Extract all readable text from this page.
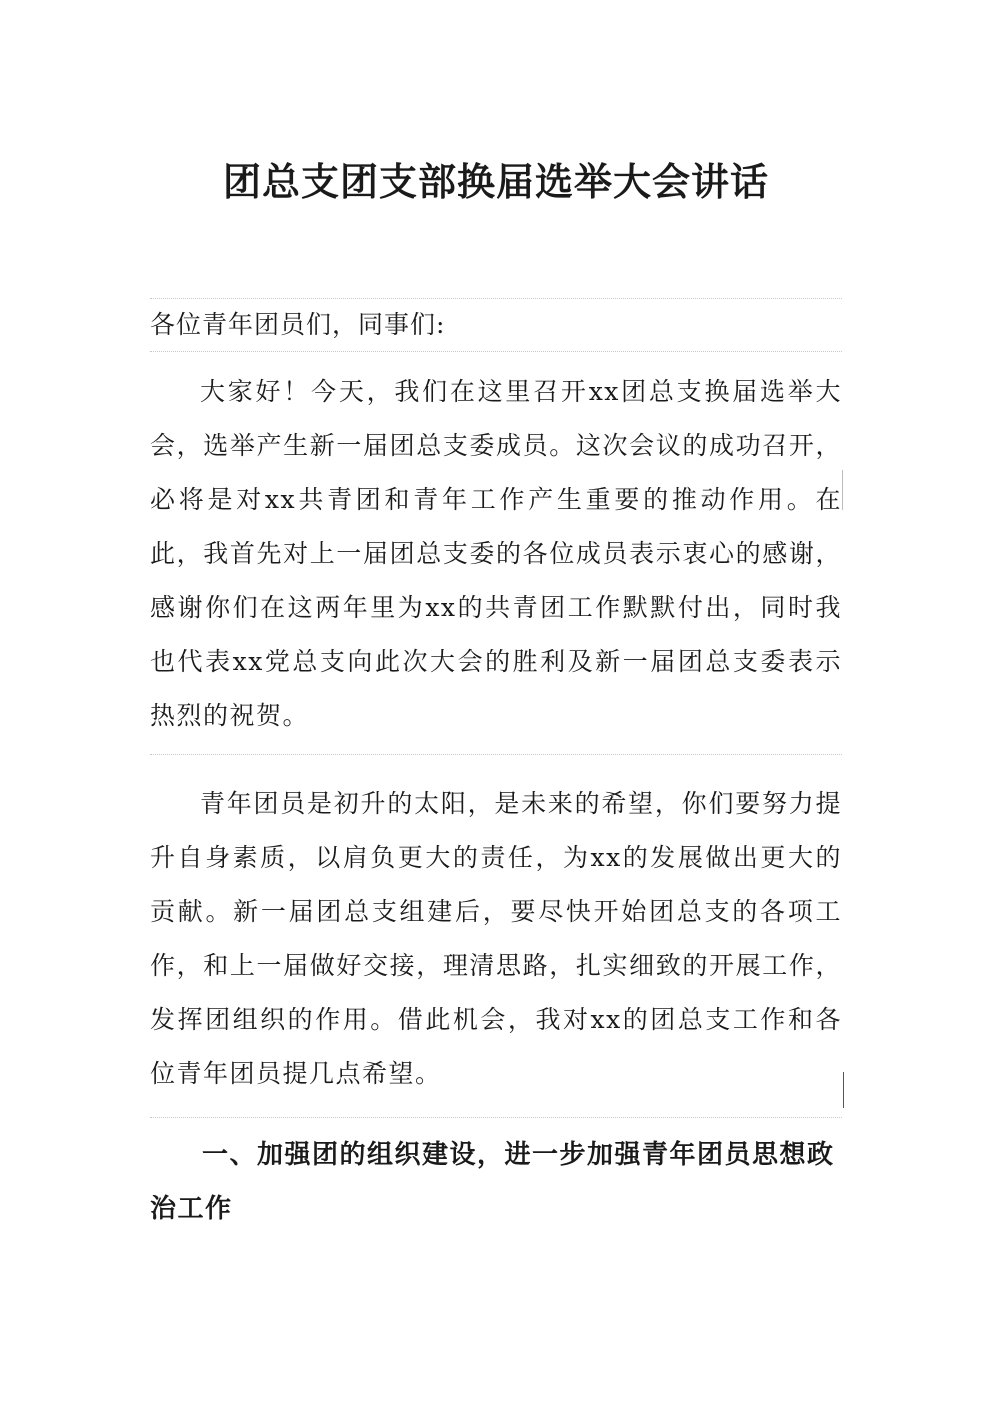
团总支团支部换届选举大会讲话

各位青年团员们，同事们:

大家好！今天，我们在这里召开xx团总支换届选举大会，选举产生新一届团总支委成员。这次会议的成功召开，必将是对xx共青团和青年工作产生重要的推动作用。在此，我首先对上一届团总支委的各位成员表示衷心的感谢，感谢你们在这两年里为xx的共青团工作默默付出，同时我也代表xx党总支向此次大会的胜利及新一届团总支委表示热烈的祝贺。

青年团员是初升的太阳，是未来的希望，你们要努力提升自身素质，以肩负更大的责任，为xx的发展做出更大的贡献。新一届团总支组建后，要尽快开始团总支的各项工作，和上一届做好交接，理清思路，扎实细致的开展工作，发挥团组织的作用。借此机会，我对xx的团总支工作和各位青年团员提几点希望。

一、加强团的组织建设，进一步加强青年团员思想政治工作
